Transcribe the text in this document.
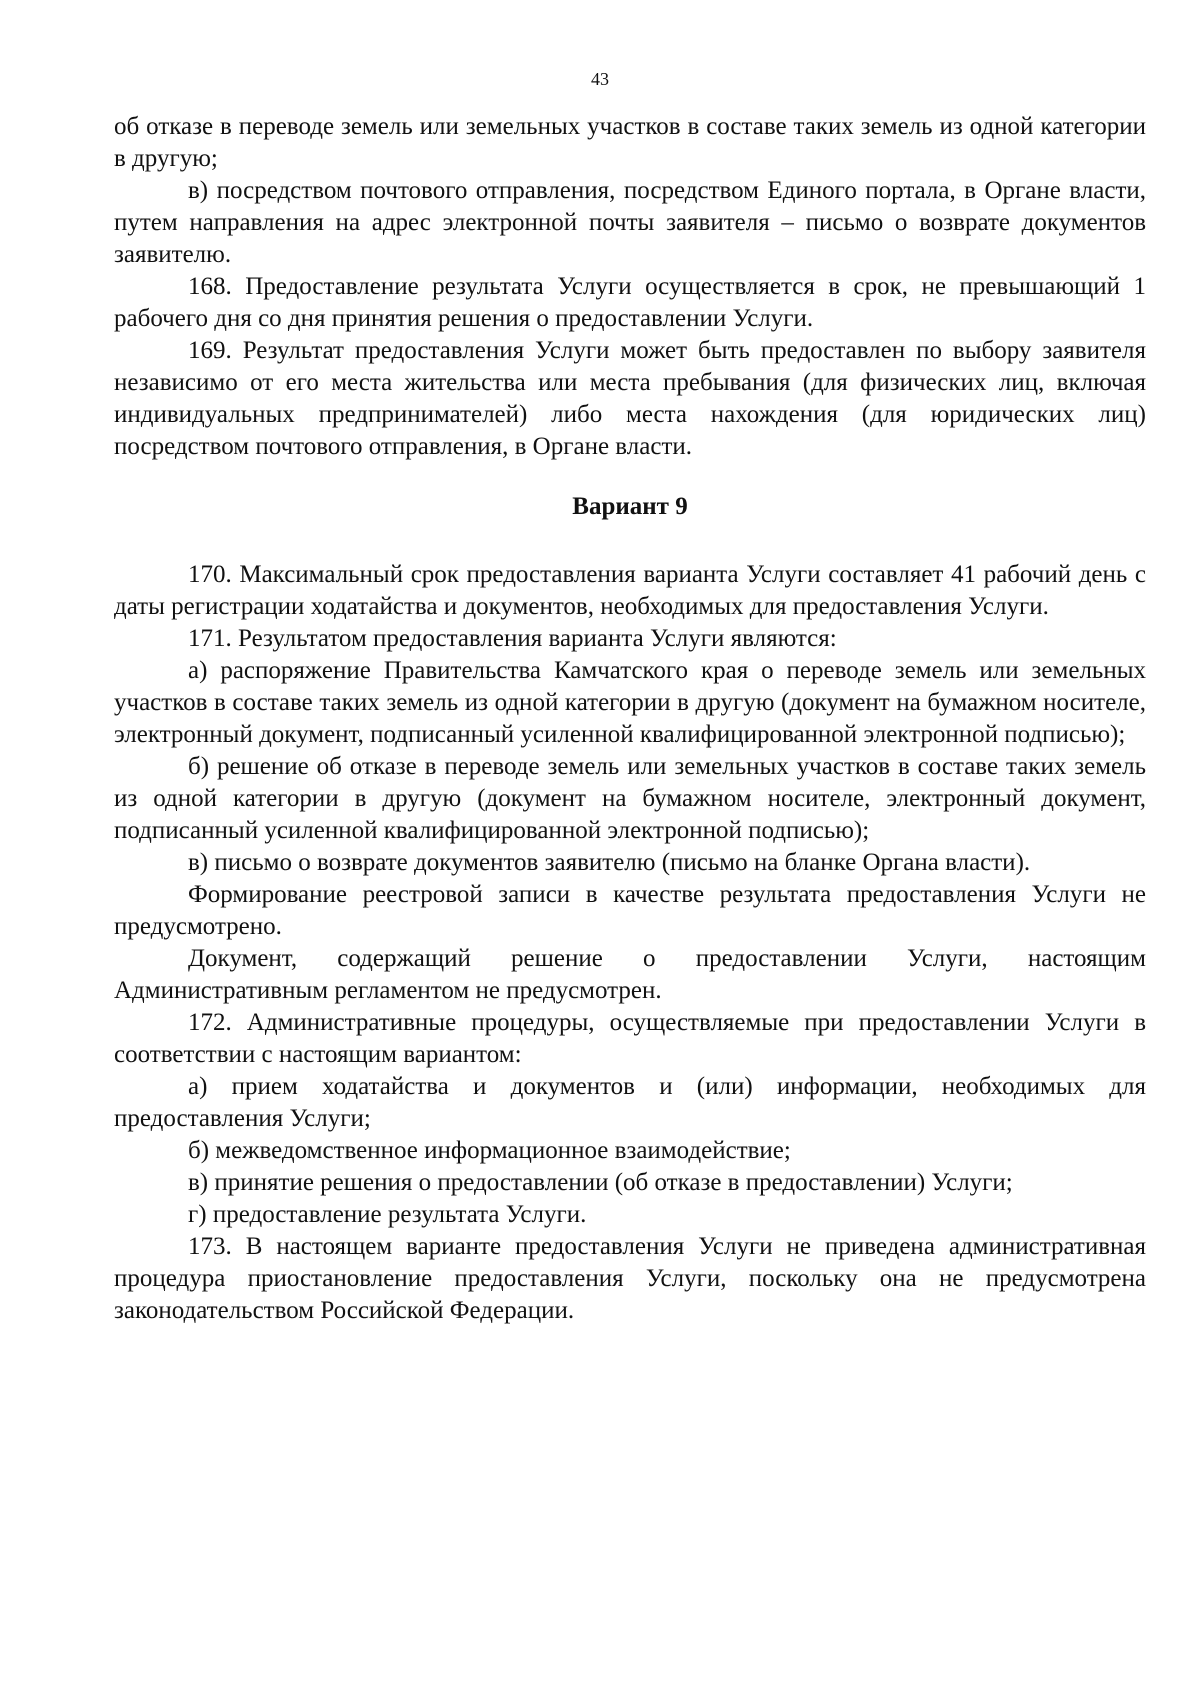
43

об отказе в переводе земель или земельных участков в составе таких земель из одной категории в другую;

в) посредством почтового отправления, посредством Единого портала, в Органе власти, путем направления на адрес электронной почты заявителя – письмо о возврате документов заявителю.

168. Предоставление результата Услуги осуществляется в срок, не превышающий 1 рабочего дня со дня принятия решения о предоставлении Услуги.

169. Результат предоставления Услуги может быть предоставлен по выбору заявителя независимо от его места жительства или места пребывания (для физических лиц, включая индивидуальных предпринимателей) либо места нахождения (для юридических лиц) посредством почтового отправления, в Органе власти.

Вариант 9

170. Максимальный срок предоставления варианта Услуги составляет 41 рабочий день с даты регистрации ходатайства и документов, необходимых для предоставления Услуги.

171. Результатом предоставления варианта Услуги являются:

а) распоряжение Правительства Камчатского края о переводе земель или земельных участков в составе таких земель из одной категории в другую (документ на бумажном носителе, электронный документ, подписанный усиленной квалифицированной электронной подписью);

б) решение об отказе в переводе земель или земельных участков в составе таких земель из одной категории в другую (документ на бумажном носителе, электронный документ, подписанный усиленной квалифицированной электронной подписью);

в) письмо о возврате документов заявителю (письмо на бланке Органа власти).

Формирование реестровой записи в качестве результата предоставления Услуги не предусмотрено.

Документ, содержащий решение о предоставлении Услуги, настоящим Административным регламентом не предусмотрен.

172. Административные процедуры, осуществляемые при предоставлении Услуги в соответствии с настоящим вариантом:

а) прием ходатайства и документов и (или) информации, необходимых для предоставления Услуги;

б) межведомственное информационное взаимодействие;

в) принятие решения о предоставлении (об отказе в предоставлении) Услуги;

г) предоставление результата Услуги.

173. В настоящем варианте предоставления Услуги не приведена административная процедура приостановление предоставления Услуги, поскольку она не предусмотрена законодательством Российской Федерации.
